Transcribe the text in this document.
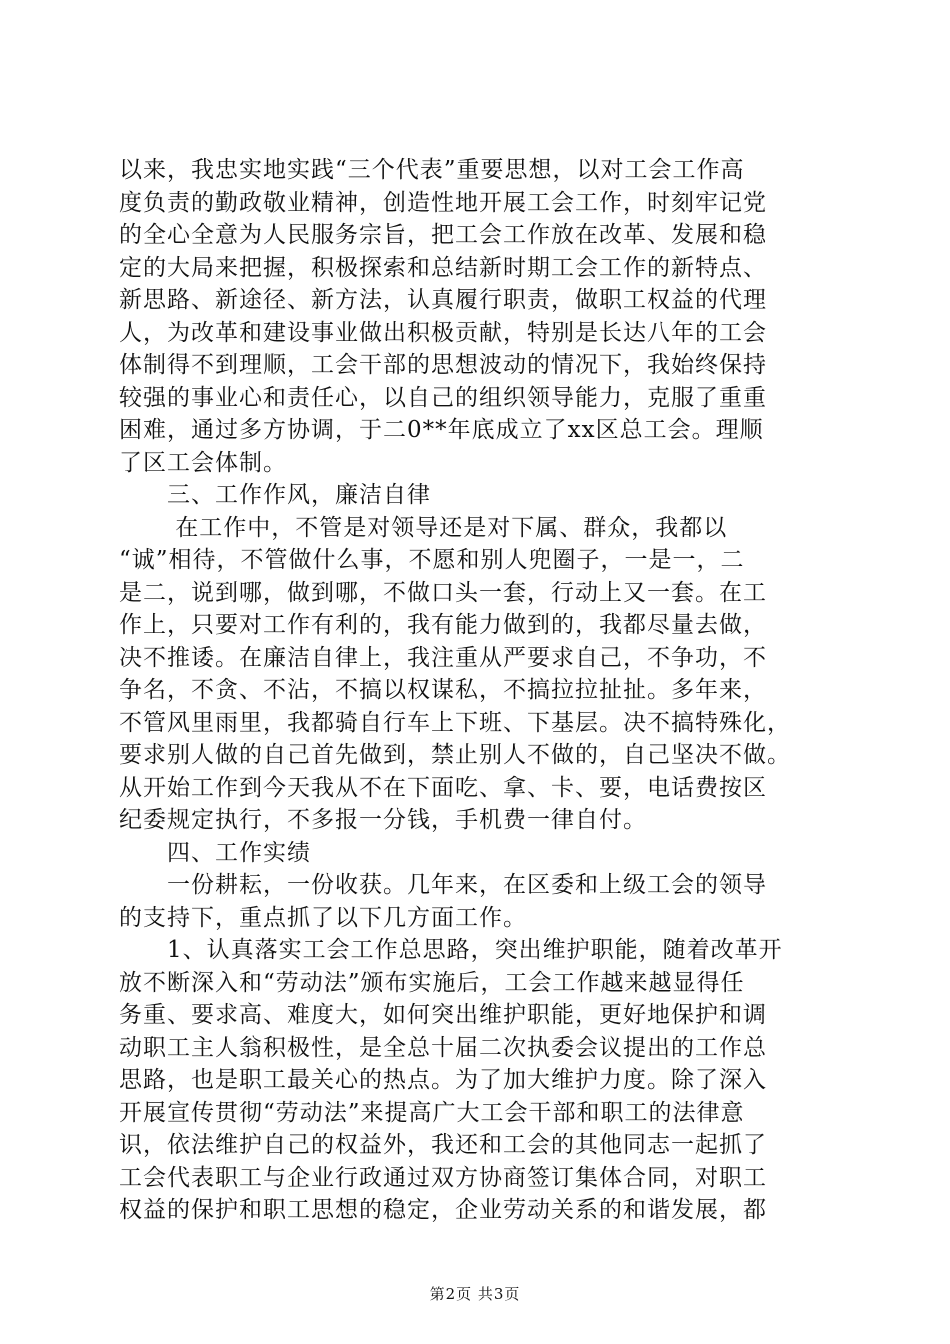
以来，我忠实地实践“三个代表”重要思想，以对工会工作高
度负责的勤政敬业精神，创造性地开展工会工作，时刻牢记党
的全心全意为人民服务宗旨，把工会工作放在改革、发展和稳
定的大局来把握，积极探索和总结新时期工会工作的新特点、
新思路、新途径、新方法，认真履行职责，做职工权益的代理
人，为改革和建设事业做出积极贡献，特别是长达八年的工会
体制得不到理顺，工会干部的思想波动的情况下，我始终保持
较强的事业心和责任心，以自己的组织领导能力，克服了重重
困难，通过多方协调，于二0**年底成立了xx区总工会。理顺
了区工会体制。
　　三、工作作风，廉洁自律
　　 在工作中，不管是对领导还是对下属、群众，我都以
“诚”相待，不管做什么事，不愿和别人兜圈子，一是一，二
是二，说到哪，做到哪，不做口头一套，行动上又一套。在工
作上，只要对工作有利的，我有能力做到的，我都尽量去做，
决不推诿。在廉洁自律上，我注重从严要求自己，不争功，不
争名，不贪、不沾，不搞以权谋私，不搞拉拉扯扯。多年来，
不管风里雨里，我都骑自行车上下班、下基层。决不搞特殊化，
要求别人做的自己首先做到，禁止别人不做的，自己坚决不做。
从开始工作到今天我从不在下面吃、拿、卡、要，电话费按区
纪委规定执行，不多报一分钱，手机费一律自付。
　　四、工作实绩
　　一份耕耘，一份收获。几年来，在区委和上级工会的领导
的支持下，重点抓了以下几方面工作。
　　1、认真落实工会工作总思路，突出维护职能，随着改革开
放不断深入和“劳动法”颁布实施后，工会工作越来越显得任
务重、要求高、难度大，如何突出维护职能，更好地保护和调
动职工主人翁积极性，是全总十届二次执委会议提出的工作总
思路，也是职工最关心的热点。为了加大维护力度。除了深入
开展宣传贯彻“劳动法”来提高广大工会干部和职工的法律意
识，依法维护自己的权益外，我还和工会的其他同志一起抓了
工会代表职工与企业行政通过双方协商签订集体合同，对职工
权益的保护和职工思想的稳定，企业劳动关系的和谐发展，都
第2页 共3页
